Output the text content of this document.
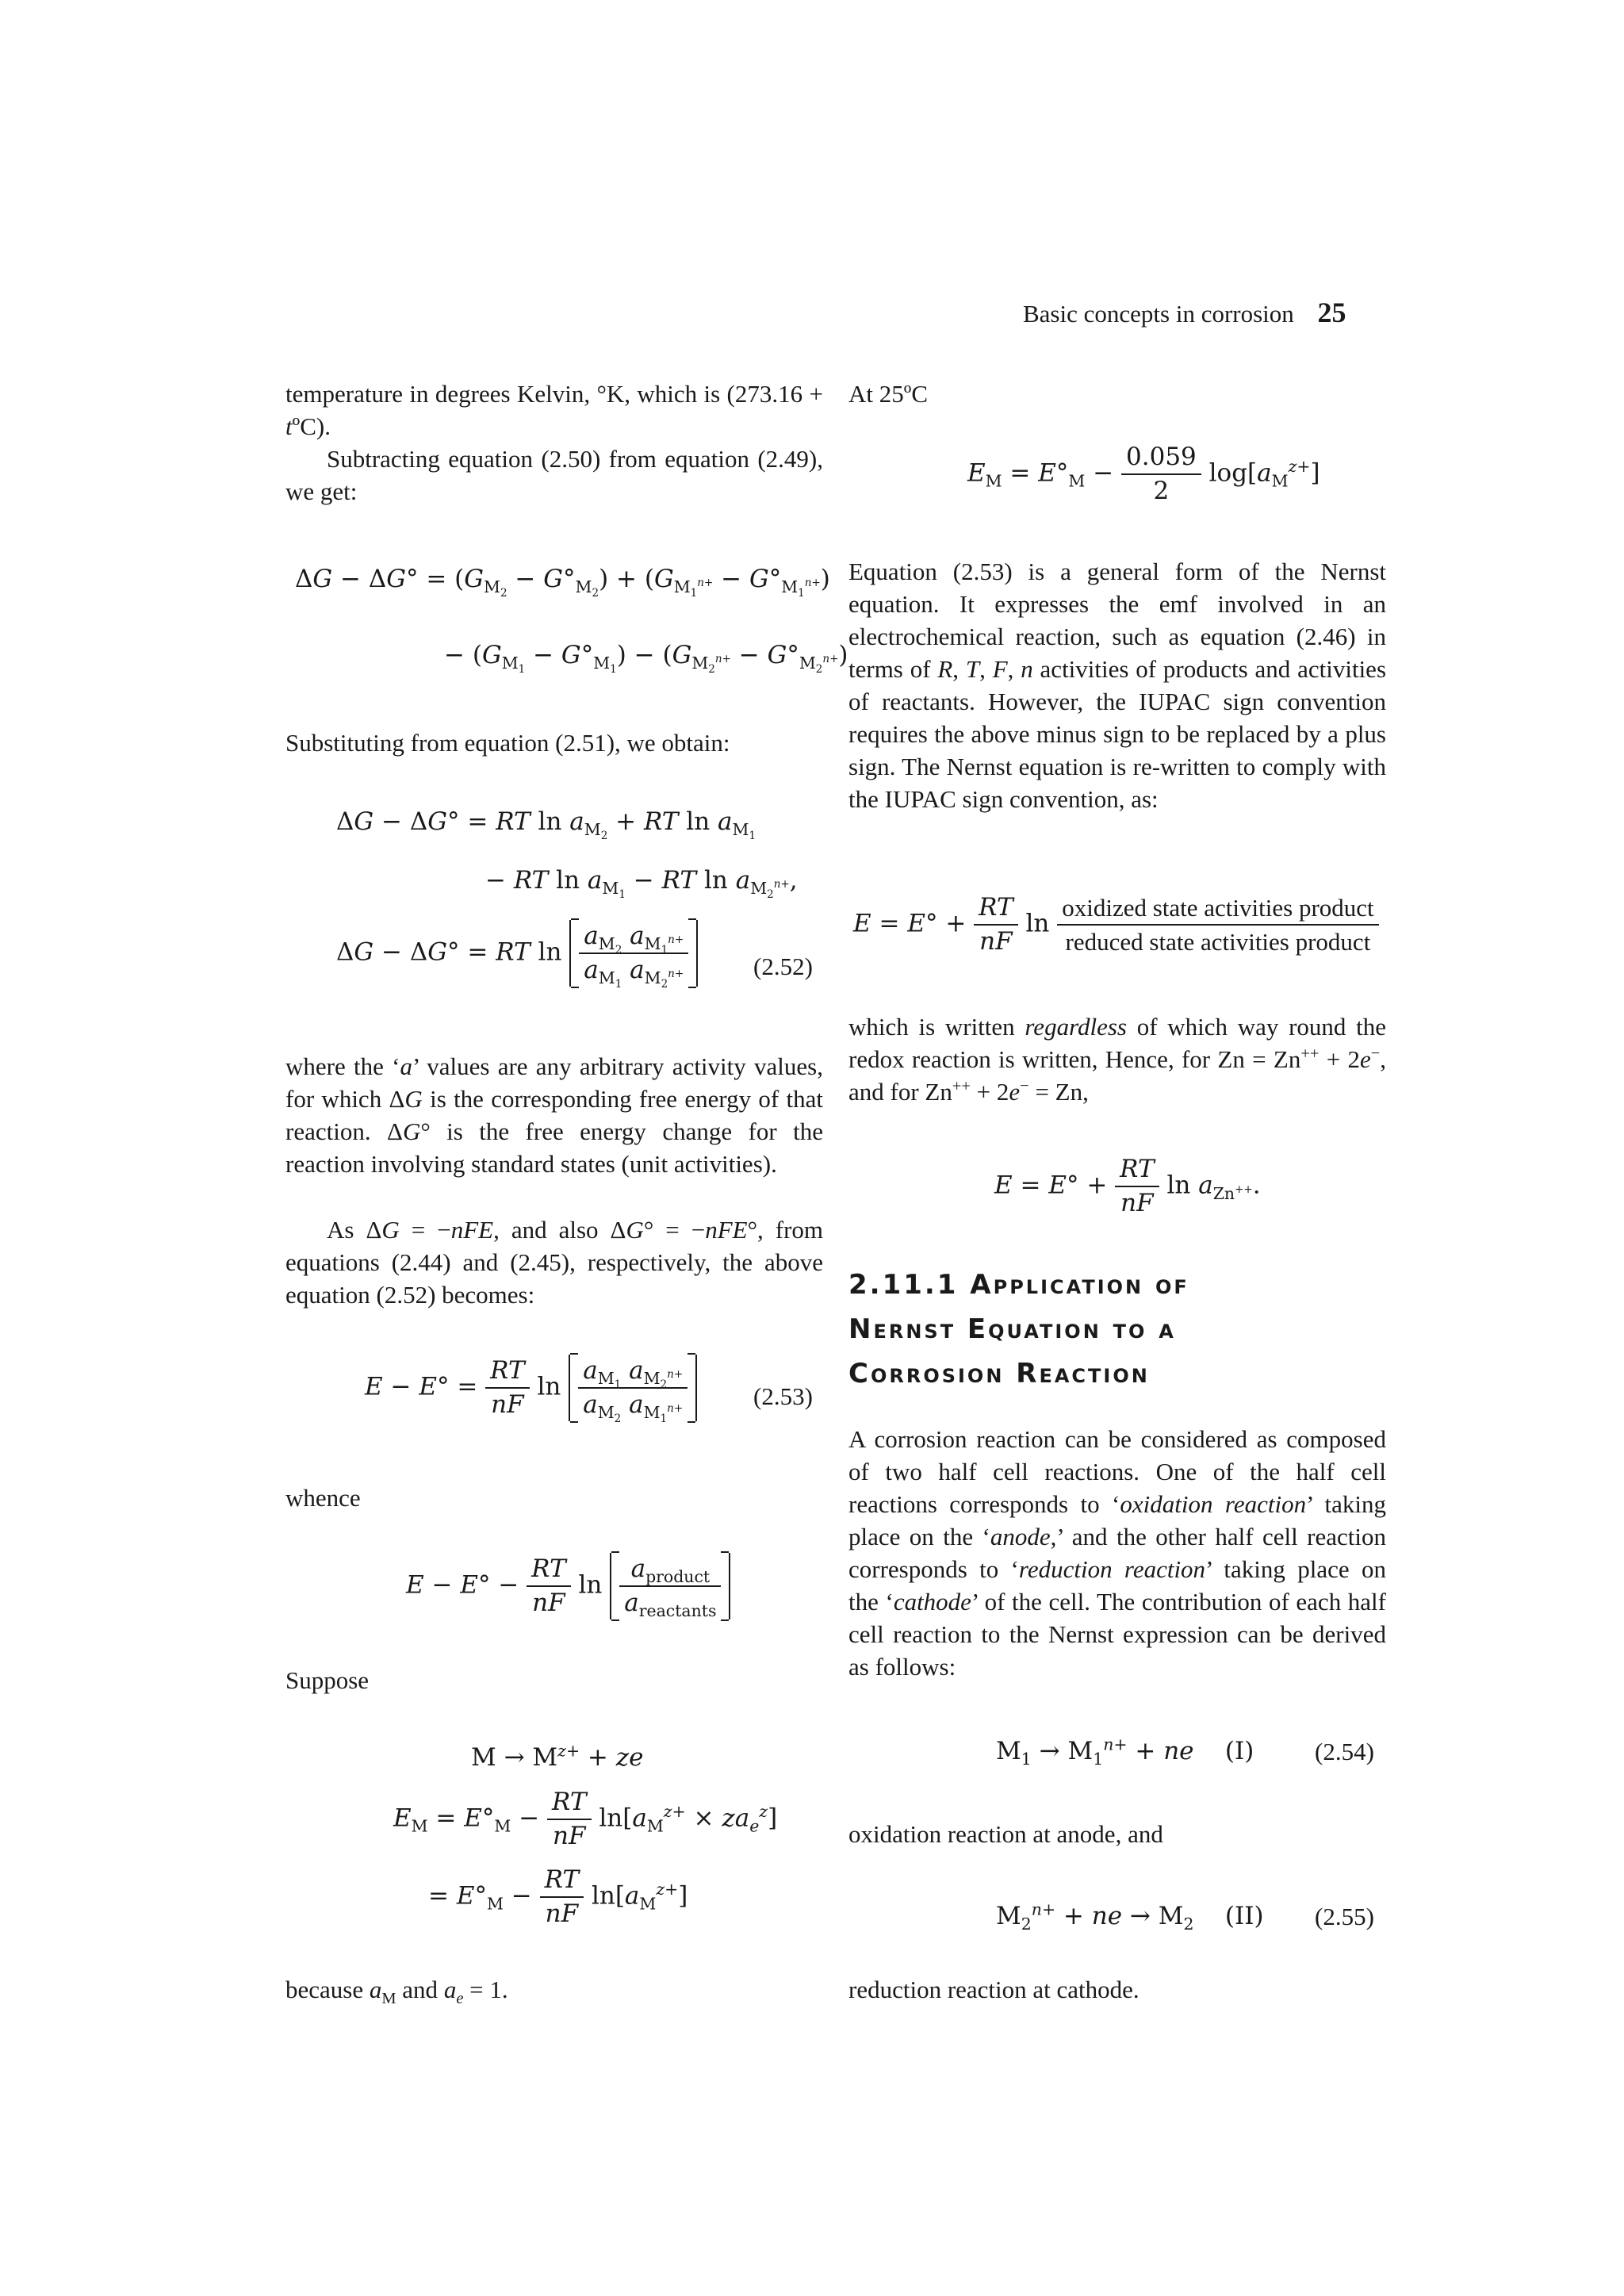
Basic concepts in corrosion 25

temperature in degrees Kelvin, °K, which is (273.16 + tºC).

Subtracting equation (2.50) from equation (2.49), we get:

$\Delta G - \Delta G^\circ = (G_{M_2} - G^\circ_{M_2}) + (G_{M_1^{n+}} - G^\circ_{M_1^{n+}})$
− $(G_{M_1} - G^\circ_{M_1}) - (G_{M_2^{n+}} - G^\circ_{M_2^{n+}})$

Substituting from equation (2.51), we obtain:

ΔG − ΔG° = RT $\ln a_{M_2}$ + RT $\ln a_{M_1}$
− RT $\ln a_{M_1}$ − RT $\ln a_{M_2^{n+}}$,
ΔG − ΔG° = RT $\ln \frac{a_{M_2} a_{M_1^{n+}}}{a_{M_1} a_{M_2^{n+}}}$	(2.52)

where the ‘a’ values are any arbitrary activity values, for which ΔG is the corresponding free energy of that reaction. ΔG° is the free energy change for the reaction involving standard states (unit activities).

As ΔG = −nFE, and also ΔG° = −nFE°, from equations (2.44) and (2.45), respectively, the above equation (2.52) becomes:

$E - E^\circ = \frac{RT}{nF}$ $\ln \frac{a_{M_1} a_{M_2^{n+}}}{a_{M_2} a_{M_1^{n+}}}$	(2.53)

whence

$E - E^\circ - \frac{RT}{nF}$ $\ln \frac{a_{product}}{a_{reactants}}$

Suppose

$M \to M^{z+}$ + ze
$E_M = E^\circ_M - \frac{RT}{nF} \ln[a_M^{z+} \times za_e^z]$
= $E^\circ_M - \frac{RT}{nF} \ln[a_M^{z+}]$

because $a_M$ and $a_e = 1$.

At 25ºC

$E_M = E^\circ_M - \frac{0.059}{2} \log[a_M^{z+}]$

Equation (2.53) is a general form of the Nernst equation. It expresses the emf involved in an electrochemical reaction, such as equation (2.46) in terms of R, T, F, n activities of products and activities of reactants. However, the IUPAC sign convention requires the above minus sign to be replaced by a plus sign. The Nernst equation is re-written to comply with the IUPAC sign convention, as:

$E = E^\circ + \frac{RT}{nF}$ $\ln \frac{\text{oxidized state activities product}}{\text{reduced state activities product}}$

which is written regardless of which way round the redox reaction is written, Hence, for Zn = Zn++ + 2e−, and for Zn++ + 2e− = Zn,

$E = E^\circ + \frac{RT}{nF}$ $\ln a_{Zn^{++}}$.
2.11.1 Application of
Nernst Equation to a
Corrosion Reaction

A corrosion reaction can be considered as composed of two half cell reactions. One of the half cell reactions corresponds to ‘oxidation reaction’ taking place on the ‘anode,’ and the other half cell reaction corresponds to ‘reduction reaction’ taking place on the ‘cathode’ of the cell. The contribution of each half cell reaction to the Nernst expression can be derived as follows:

$M_1 \to M_1^{n+}$ + ne    (I) (2.54)

oxidation reaction at anode, and

$M_2^{n+}$ + ne → $M_2$    (II) (2.55)

reduction reaction at cathode.
